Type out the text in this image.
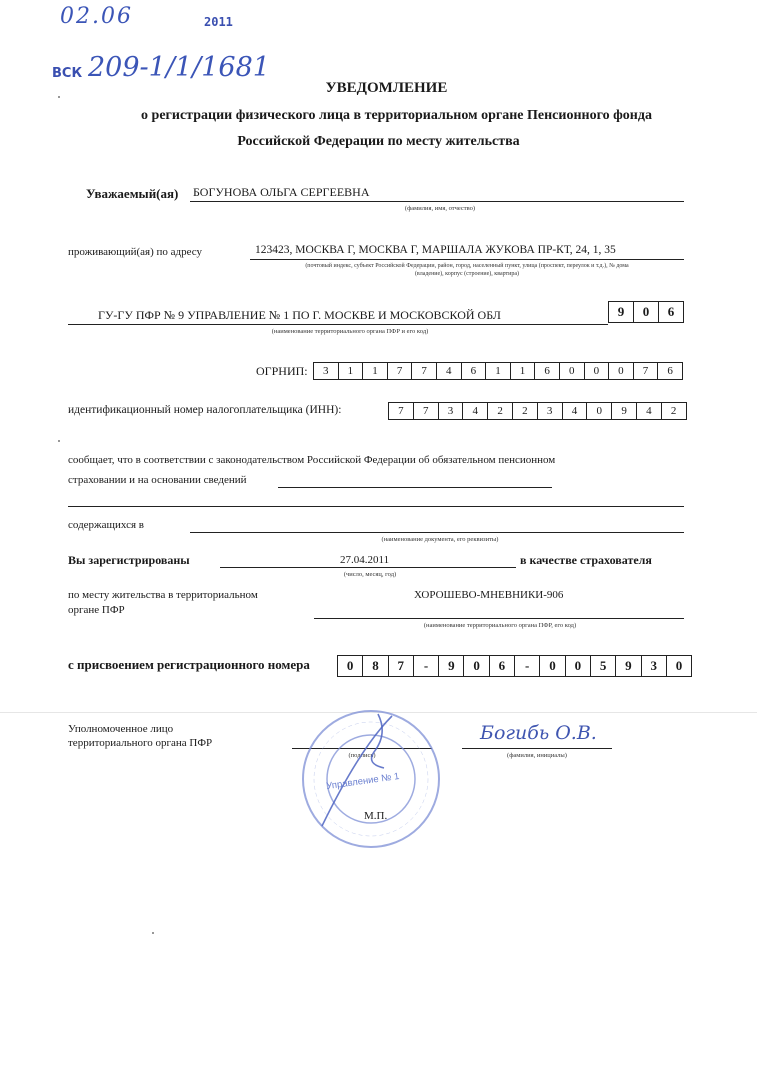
02.06	2011
ВСК 209-1/1/1681
УВЕДОМЛЕНИЕ
о регистрации физического лица в территориальном органе Пенсионного фонда
Российской Федерации по месту жительства
Уважаемый(ая) БОГУНОВА ОЛЬГА СЕРГЕЕВНА
(фамилия, имя, отчество)
проживающий(ая) по адресу	123423, МОСКВА Г, МОСКВА Г, МАРШАЛА ЖУКОВА ПР-КТ, 24, 1, 35
(почтовый индекс, субъект Российской Федерации, район, город, населенный пункт, улица (проспект, переулок и т.д.), № дома
(владение), корпус (строение), квартира)
ГУ-ГУ ПФР № 9 УПРАВЛЕНИЕ № 1 ПО Г. МОСКВЕ И МОСКОВСКОЙ ОБЛ	9	0	6
(наименование территориального органа ПФР и его код)
ОГРНИП:	3	1	1	7	7	4	6	1	1	6	0	0	0	7	6
идентификационный номер налогоплательщика (ИНН):	7	7	3	4	2	2	3	4	0	9	4	2
сообщает, что в соответствии с законодательством Российской Федерации об обязательном пенсионном
страховании и на основании сведений
содержащихся в
(наименование документа, его реквизиты)
Вы зарегистрированы	27.04.2011	в качестве страхователя
(число, месяц, год)
по месту жительства в территориальном
органе ПФР
ХОРОШЕВО-МНЕВНИКИ-906
(наименование территориального органа ПФР, его код)
с присвоением регистрационного номера	0	8	7	-	9	0	6	-	0	0	5	9	3	0
Уполномоченное лицо
территориального органа ПФР
(подпись)	(фамилия, инициалы)
Богибь О.В.
Управление № 1
М.П.
